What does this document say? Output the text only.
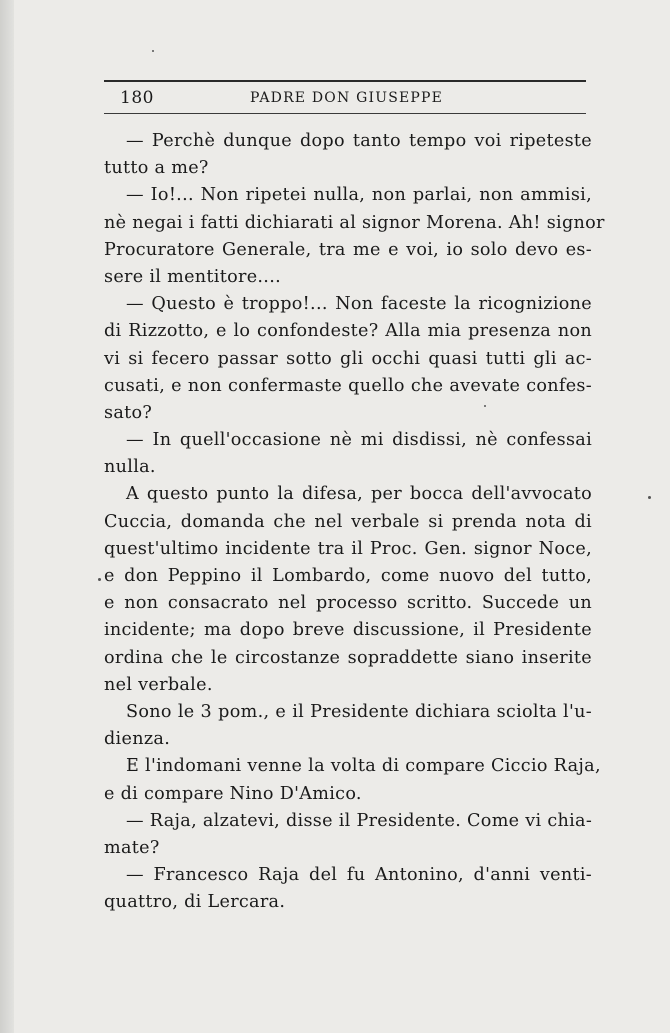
180	PADRE DON GIUSEPPE
— Perchè dunque dopo tanto tempo voi ripeteste
tutto a me?
— Io!... Non ripetei nulla, non parlai, non ammisi,
nè negai i fatti dichiarati al signor Morena. Ah! signor
Procuratore Generale, tra me e voi, io solo devo es-
sere il mentitore....
— Questo è troppo!... Non faceste la ricognizione
di Rizzotto, e lo confondeste? Alla mia presenza non
vi si fecero passar sotto gli occhi quasi tutti gli ac-
cusati, e non confermaste quello che avevate confes-
sato?
— In quell'occasione nè mi disdissi, nè confessai
nulla.
A questo punto la difesa, per bocca dell'avvocato
Cuccia, domanda che nel verbale si prenda nota di
quest'ultimo incidente tra il Proc. Gen. signor Noce,
e don Peppino il Lombardo, come nuovo del tutto,
e non consacrato nel processo scritto. Succede un
incidente; ma dopo breve discussione, il Presidente
ordina che le circostanze sopraddette siano inserite
nel verbale.
Sono le 3 pom., e il Presidente dichiara sciolta l'u-
dienza.
E l'indomani venne la volta di compare Ciccio Raja,
e di compare Nino D'Amico.
— Raja, alzatevi, disse il Presidente. Come vi chia-
mate?
— Francesco Raja del fu Antonino, d'anni venti-
quattro, di Lercara.
